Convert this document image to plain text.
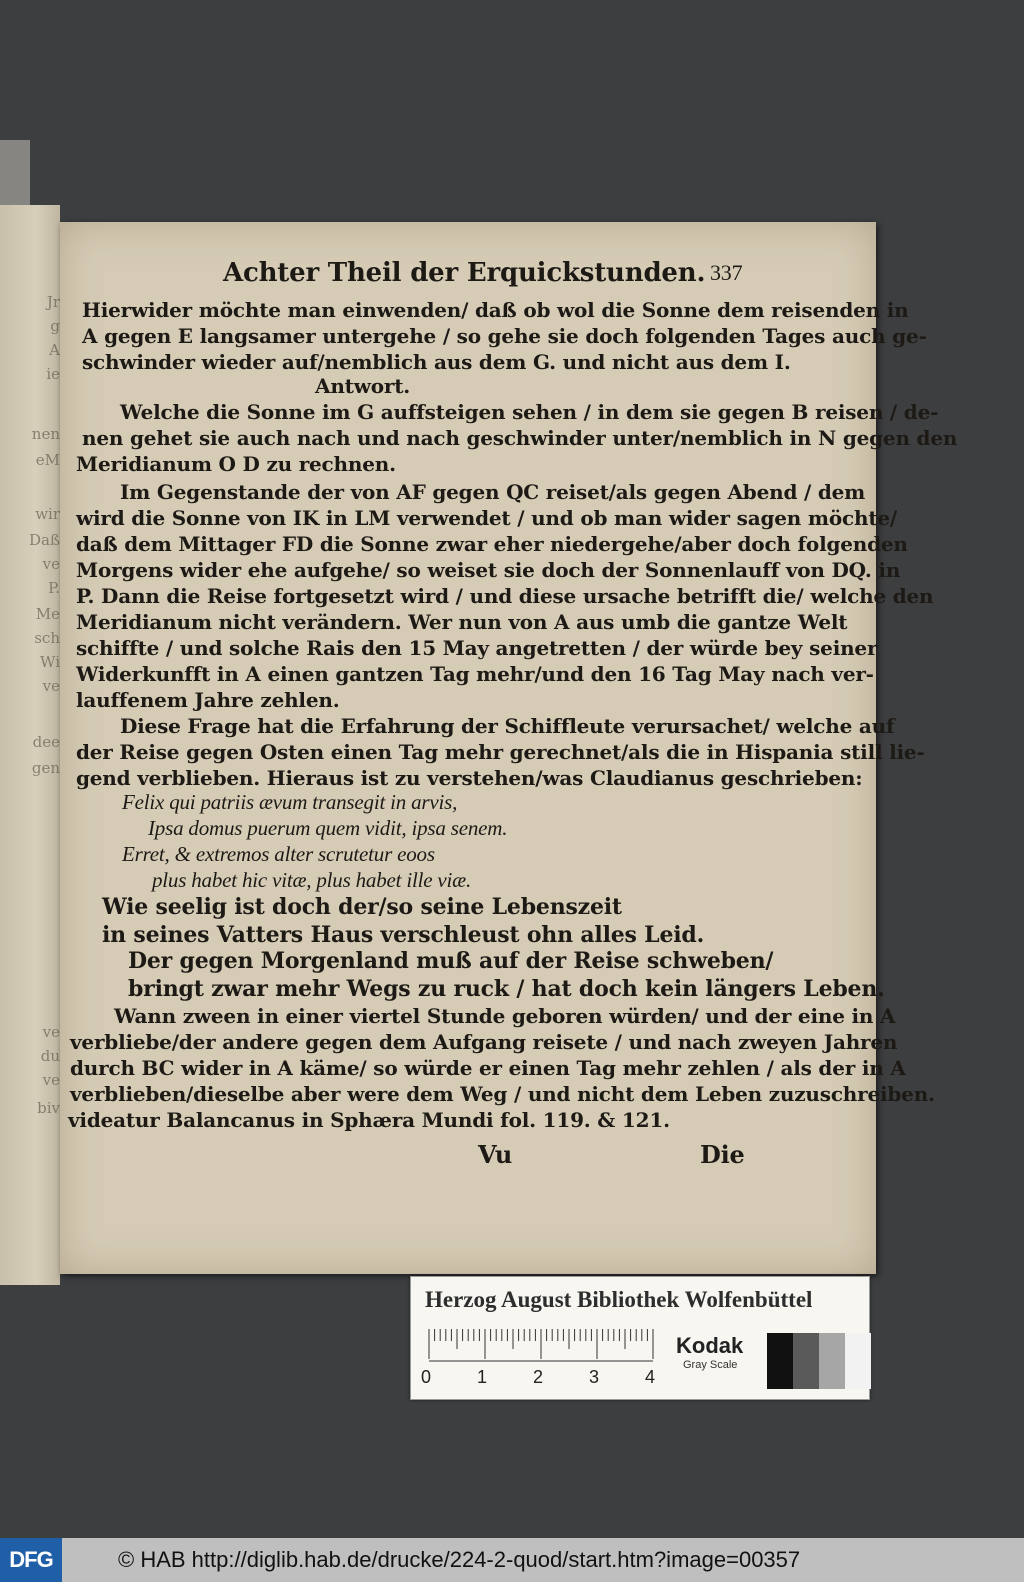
Jr
g
A
ie
nen
eM
wir
Daß
ve
P.
Me
sch
Wi
ve
dee
gen
ve
du
ve
biv
Achter Theil der Erquickstunden. 337
Hierwider möchte man einwenden/ daß ob wol die Sonne dem reisenden in
A gegen E langsamer untergehe / so gehe sie doch folgenden Tages auch ge-
schwinder wieder auf/nemblich aus dem G. und nicht aus dem I.
Antwort.
Welche die Sonne im G auffsteigen sehen / in dem sie gegen B reisen / de-
nen gehet sie auch nach und nach geschwinder unter/nemblich in N gegen den
Meridianum O D zu rechnen.
Im Gegenstande der von AF gegen QC reiset/als gegen Abend / dem
wird die Sonne von IK in LM verwendet / und ob man wider sagen möchte/
daß dem Mittager FD die Sonne zwar eher niedergehe/aber doch folgenden
Morgens wider ehe aufgehe/ so weiset sie doch der Sonnenlauff von DQ. in
P. Dann die Reise fortgesetzt wird / und diese ursache betrifft die/ welche den
Meridianum nicht verändern. Wer nun von A aus umb die gantze Welt
schiffte / und solche Rais den 15 May angetretten / der würde bey seiner
Widerkunfft in A einen gantzen Tag mehr/und den 16 Tag May nach ver-
lauffenem Jahre zehlen.
Diese Frage hat die Erfahrung der Schiffleute verursachet/ welche auf
der Reise gegen Osten einen Tag mehr gerechnet/als die in Hispania still lie-
gend verblieben. Hieraus ist zu verstehen/was Claudianus geschrieben:
Felix qui patriis ævum transegit in arvis,
Ipsa domus puerum quem vidit, ipsa senem.
Erret, & extremos alter scrutetur eoos
plus habet hic vitæ, plus habet ille viæ.
Wie seelig ist doch der/so seine Lebenszeit
in seines Vatters Haus verschleust ohn alles Leid.
Der gegen Morgenland muß auf der Reise schweben/
bringt zwar mehr Wegs zu ruck / hat doch kein längers Leben.
Wann zween in einer viertel Stunde geboren würden/ und der eine in A
verbliebe/der andere gegen dem Aufgang reisete / und nach zweyen Jahren
durch BC wider in A käme/ so würde er einen Tag mehr zehlen / als der in A
verblieben/dieselbe aber were dem Weg / und nicht dem Leben zuzuschreiben.
videatur Balancanus in Sphæra Mundi fol. 119. & 121.
Vu	Die
Herzog August Bibliothek Wolfenbüttel
0	1	2	3	4
Kodak
Gray Scale
DFG	© HAB http://diglib.hab.de/drucke/224-2-quod/start.htm?image=00357
